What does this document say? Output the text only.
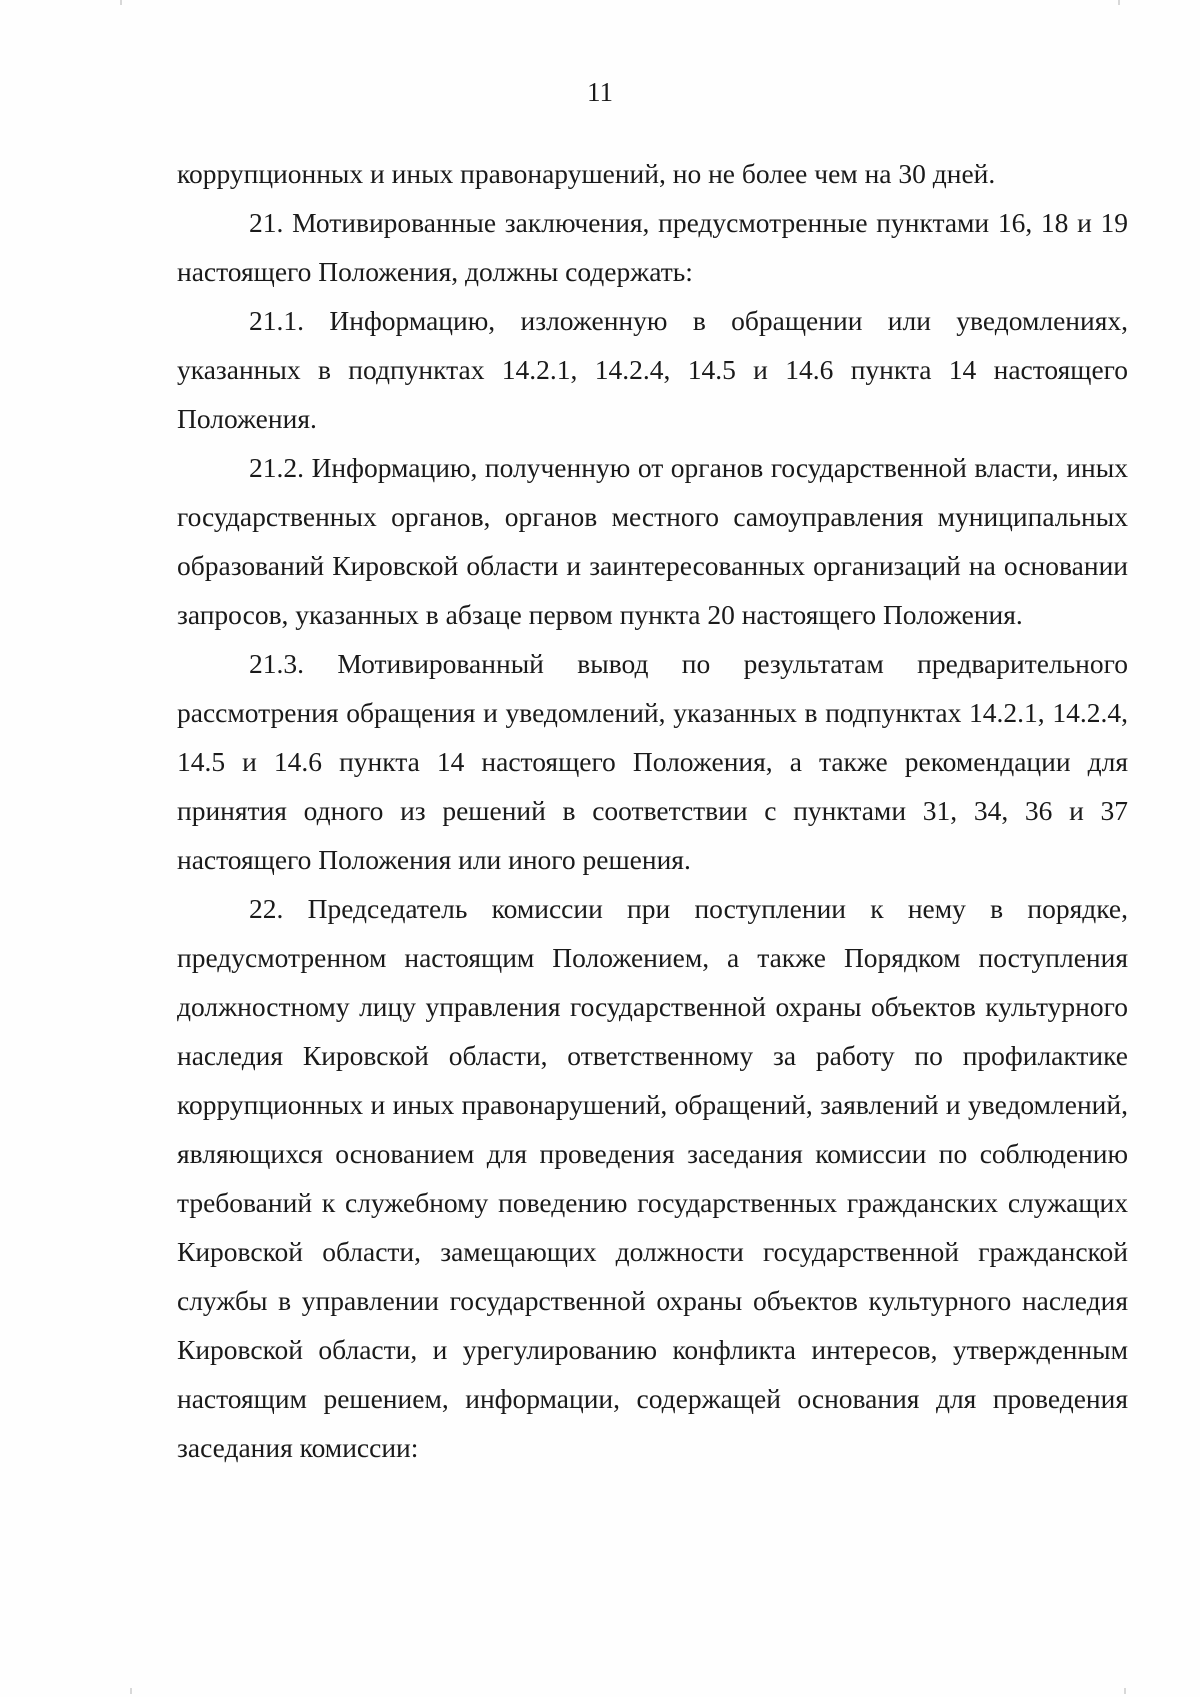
11

коррупционных и иных правонарушений, но не более чем на 30 дней.

21. Мотивированные заключения, предусмотренные пунктами 16, 18 и 19 настоящего Положения, должны содержать:

21.1. Информацию, изложенную в обращении или уведомлениях, указанных в подпунктах 14.2.1, 14.2.4, 14.5 и 14.6 пункта 14 настоящего Положения.

21.2. Информацию, полученную от органов государственной власти, иных государственных органов, органов местного самоуправления муниципальных образований Кировской области и заинтересованных организаций на основании запросов, указанных в абзаце первом пункта 20 настоящего Положения.

21.3. Мотивированный вывод по результатам предварительного рассмотрения обращения и уведомлений, указанных в подпунктах 14.2.1, 14.2.4, 14.5 и 14.6 пункта 14 настоящего Положения, а также рекомендации для принятия одного из решений в соответствии с пунктами 31, 34, 36 и 37 настоящего Положения или иного решения.

22. Председатель комиссии при поступлении к нему в порядке, предусмотренном настоящим Положением, а также Порядком поступления должностному лицу управления государственной охраны объектов культурного наследия Кировской области, ответственному за работу по профилактике коррупционных и иных правонарушений, обращений, заявлений и уведомлений, являющихся основанием для проведения заседания комиссии по соблюдению требований к служебному поведению государственных гражданских служащих Кировской области, замещающих должности государственной гражданской службы в управлении государственной охраны объектов культурного наследия Кировской области, и урегулированию конфликта интересов, утвержденным настоящим решением, информации, содержащей основания для проведения заседания комиссии:
